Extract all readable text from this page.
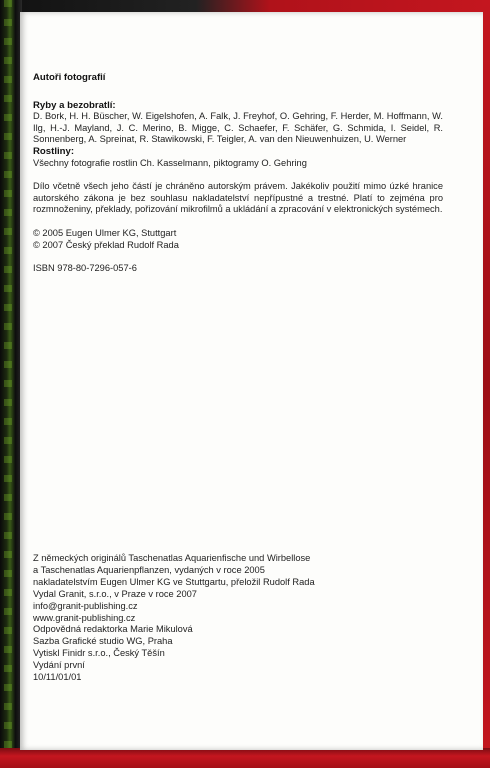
Autoři fotografií

Ryby a bezobratlí:

D. Bork, H. H. Büscher, W. Eigelshofen, A. Falk, J. Freyhof, O. Gehring, F. Herder, M. Hoffmann, W. Ilg, H.-J. Mayland, J. C. Merino, B. Migge, C. Schaefer, F. Schäfer, G. Schmida, I. Seidel, R. Sonnenberg, A. Spreinat, R. Stawikowski, F. Teigler, A. van den Nieuwenhuizen, U. Werner

Rostliny:

Všechny fotografie rostlin Ch. Kasselmann, piktogramy O. Gehring

Dílo včetně všech jeho částí je chráněno autorským právem. Jakékoliv použití mimo úzké hranice autorského zákona je bez souhlasu nakladatelství nepřípustné a trestné. Platí to zejména pro rozmnoženiny, překlady, pořizování mikrofilmů a ukládání a zpracování v elektronických systémech.

© 2005 Eugen Ulmer KG, Stuttgart

© 2007 Český překlad Rudolf Rada

ISBN 978-80-7296-057-6

Z německých originálů Taschenatlas Aquarienfische und Wirbellose
a Taschenatlas Aquarienpflanzen, vydaných v roce 2005
nakladatelstvím Eugen Ulmer KG ve Stuttgartu, přeložil Rudolf Rada
Vydal Granit, s.r.o., v Praze v roce 2007
info@granit-publishing.cz
www.granit-publishing.cz
Odpovědná redaktorka Marie Mikulová
Sazba Grafické studio WG, Praha
Vytiskl Finidr s.r.o., Český Těšín
Vydání první
10/11/01/01
